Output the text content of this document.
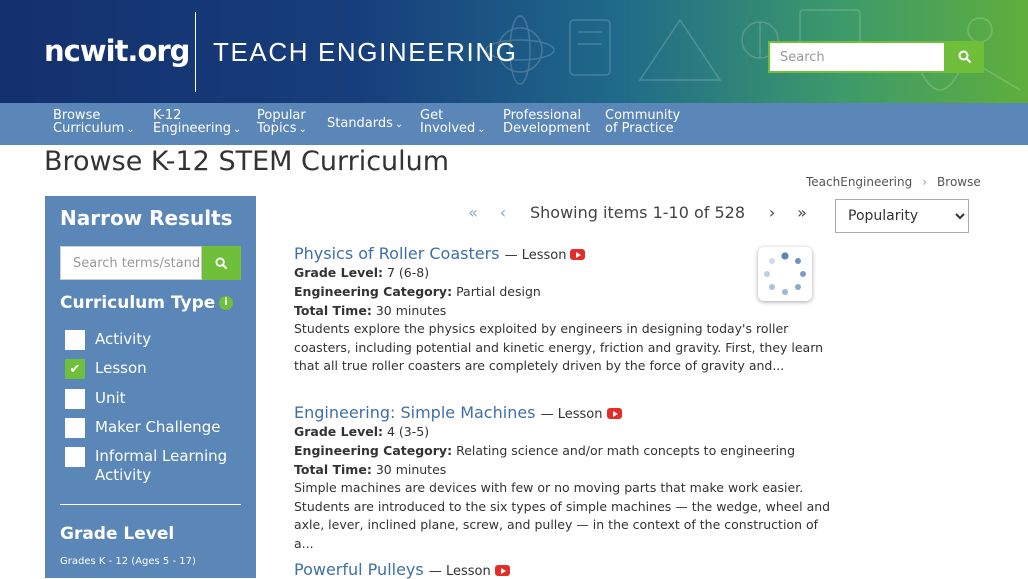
ncwit.org TEACH ENGINEERING
Search
Browse
Curriculum ⌄
K-12
Engineering ⌄
Popular
Topics ⌄ Standards ⌄
Get
Involved ⌄
Professional
Development
Community
of Practice
Browse K-12 STEM Curriculum
TeachEngineering › Browse
Narrow Results
Search terms/standards
Curriculum Type i
Activity
✔ Lesson
Unit
Maker Challenge
Informal Learning Activity
Grade Level
Grades K - 12 (Ages 5 - 17)
«	‹	Showing items 1-10 of 528	›	»
Popularity
Physics of Roller Coasters — Lesson
Grade Level: 7 (6-8)
Engineering Category: Partial design
Total Time: 30 minutes
Students explore the physics exploited by engineers in designing today's roller coasters, including potential and kinetic energy, friction and gravity. First, they learn that all true roller coasters are completely driven by the force of gravity and...
Engineering: Simple Machines — Lesson
Grade Level: 4 (3-5)
Engineering Category: Relating science and/or math concepts to engineering
Total Time: 30 minutes
Simple machines are devices with few or no moving parts that make work easier. Students are introduced to the six types of simple machines — the wedge, wheel and axle, lever, inclined plane, screw, and pulley — in the context of the construction of a...
Powerful Pulleys — Lesson
